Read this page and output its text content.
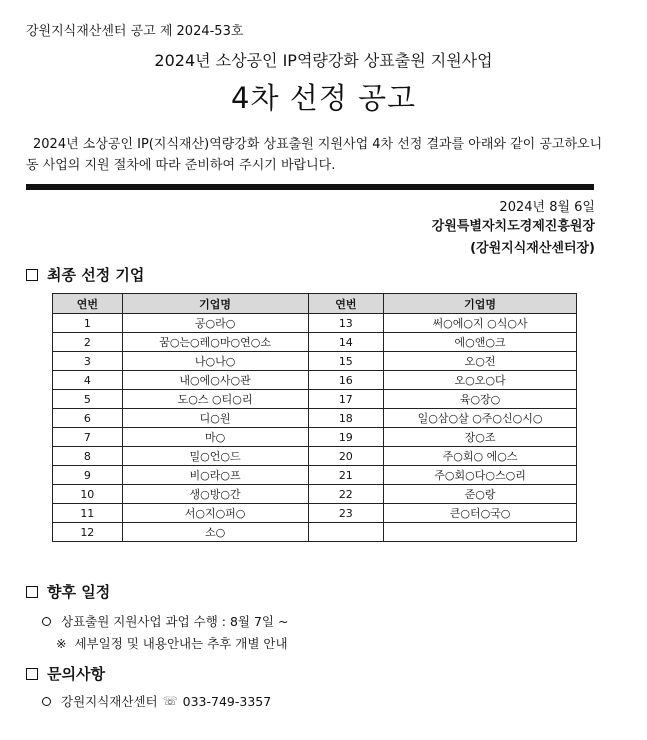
강원지식재산센터 공고 제 2024-53호
2024년 소상공인 IP역량강화 상표출원 지원사업
4차 선정 공고

2024년 소상공인 IP(지식재산)역량강화 상표출원 지원사업 4차 선정 결과를 아래와 같이 공고하오니

동 사업의 지원 절차에 따라 준비하여 주시기 바랍니다.

2024년 8월 6일
강원특별자치도경제진흥원장
(강원지식재산센터장)
최종 선정 기업
연번	기업명	연번	기업명
1	공○라○	13	써○에○지 ○식○사
2	꿈○는○레○마○연○소	14	에○앤○크
3	나○나○	15	오○전
4	내○에○사○관	16	오○오○다
5	도○스 ○티○리	17	육○장○
6	디○원	18	일○삼○살 ○주○신○시○
7	마○	19	장○조
8	밀○언○드	20	주○회○ 에○스
9	비○라○프	21	주○회○다○스○리
10	생○방○간	22	준○랑
11	서○지○퍼○	23	큰○터○국○
12	소○		
향후 일정
상표출원 지원사업 과업 수행 : 8월 7일 ~
※ 세부일정 및 내용안내는 추후 개별 안내
문의사항
강원지식재산센터 ☏ 033-749-3357
